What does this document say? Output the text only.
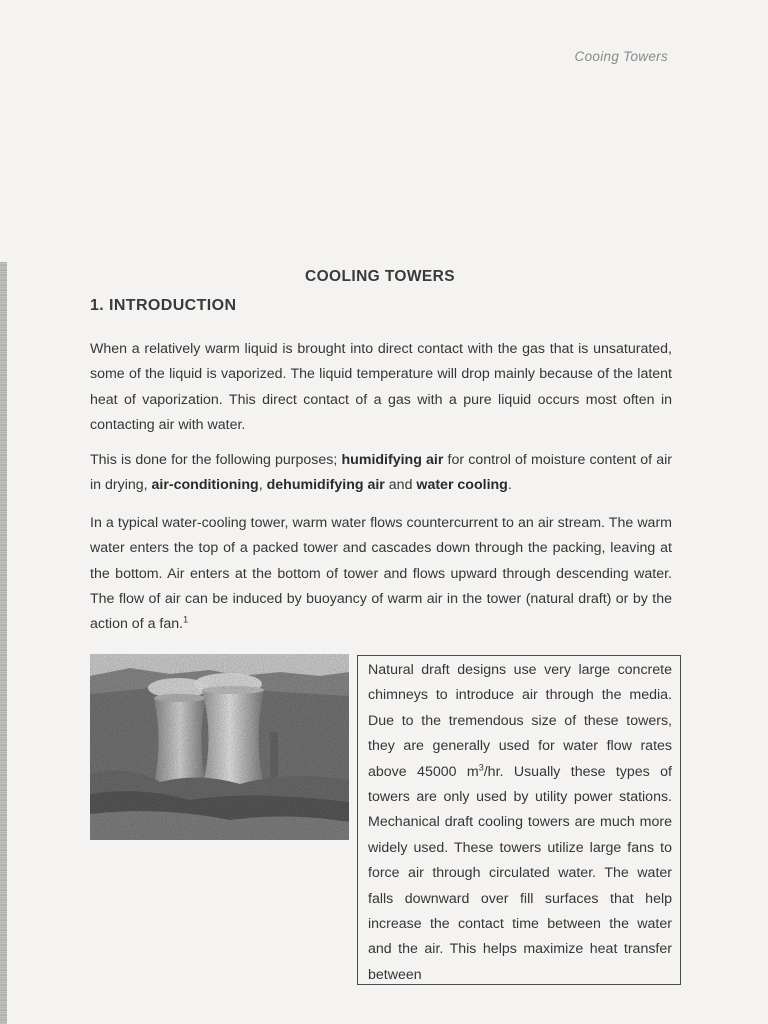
Cooing Towers
COOLING TOWERS
1. INTRODUCTION

When a relatively warm liquid is brought into direct contact with the gas that is unsaturated, some of the liquid is vaporized. The liquid temperature will drop mainly because of the latent heat of vaporization. This direct contact of a gas with a pure liquid occurs most often in contacting air with water.

This is done for the following purposes; humidifying air for control of moisture content of air in drying, air-conditioning, dehumidifying air and water cooling.

In a typical water-cooling tower, warm water flows countercurrent to an air stream. The warm water enters the top of a packed tower and cascades down through the packing, leaving at the bottom. Air enters at the bottom of tower and flows upward through descending water. The flow of air can be induced by buoyancy of warm air in the tower (natural draft) or by the action of a fan.$^1$

Natural draft designs use very large concrete chimneys to introduce air through the media. Due to the tremendous size of these towers, they are generally used for water flow rates above 45000 $m^3/hr$. Usually these types of towers are only used by utility power stations. Mechanical draft cooling towers are much more widely used. These towers utilize large fans to force air through circulated water. The water falls downward over fill surfaces that help increase the contact time between the water and the air. This helps maximize heat transfer between
